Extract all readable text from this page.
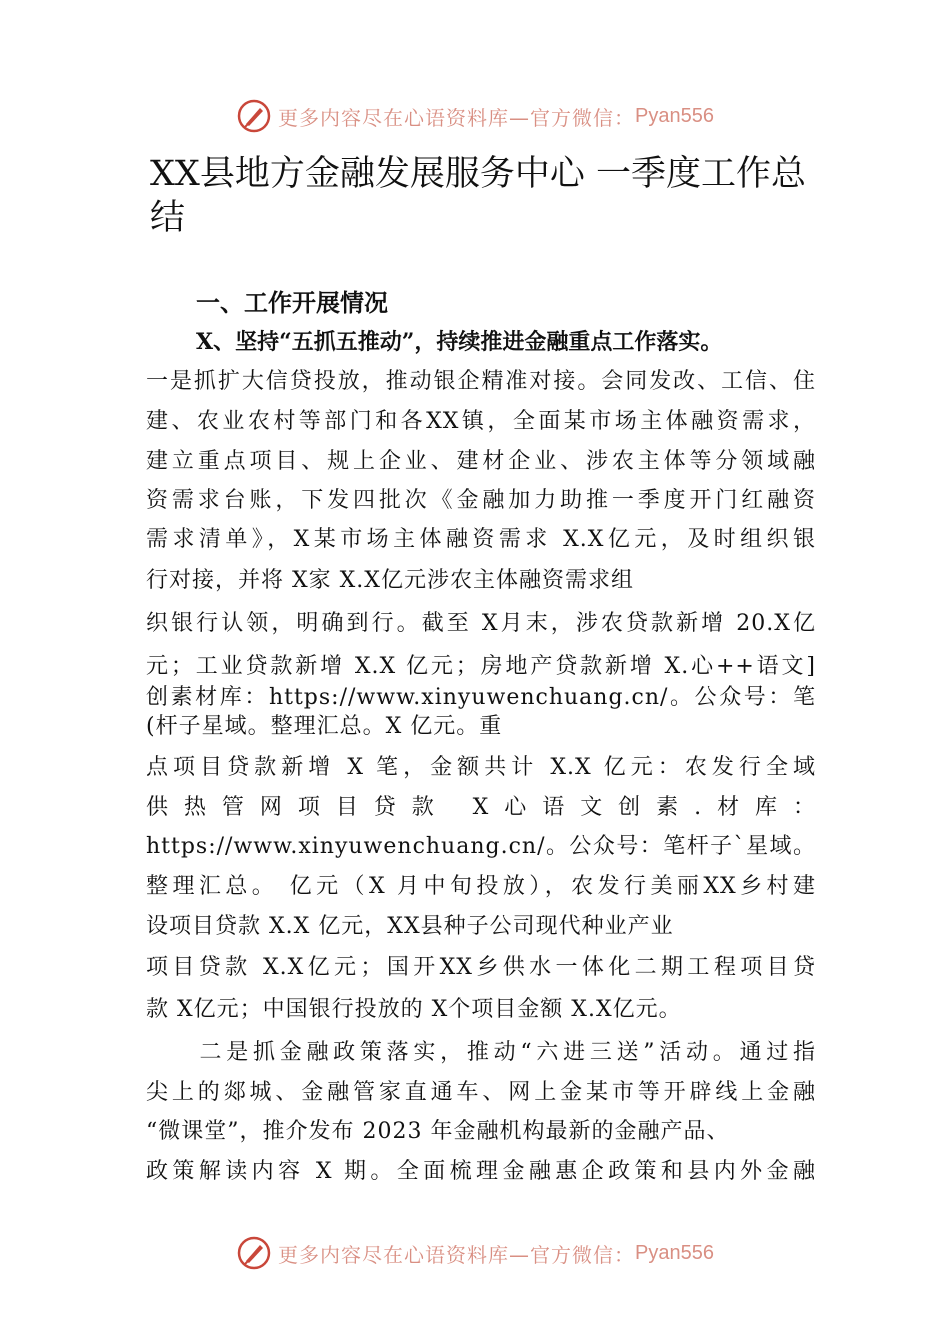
更多内容尽在心语资料库—官方微信： Pyan556
XX县地方金融发展服务中心 一季度工作总结
一、工作开展情况
X、坚持“五抓五推动”，持续推进金融重点工作落实。
一是抓扩大信贷投放，推动银企精准对接。会同发改、工信、住
建、农业农村等部门和各XX镇，全面某市场主体融资需求，
建立重点项目、规上企业、建材企业、涉农主体等分领域融
资需求台账，下发四批次《金融加力助推一季度开门红融资
需求清单》，X某市场主体融资需求 X.X亿元，及时组织银
行对接，并将 X家 X.X亿元涉农主体融资需求组
织银行认领，明确到行。截至 X月末，涉农贷款新增 20.X亿
元；工业贷款新增 X.X 亿元；房地产贷款新增 X.心++语文]
创素材库：https://www.xinyuwenchuang.cn/。公众号：笔
(杆子星域。整理汇总。X 亿元。重
点项目贷款新增 X 笔，金额共计 X.X 亿元：农发行全域
供热管网项目贷款 X心语文创素.材库：
https://www.xinyuwenchuang.cn/。公众号：笔杆子`星域。
整理汇总。 亿元（X 月中旬投放），农发行美丽XX乡村建
设项目贷款 X.X 亿元，XX县种子公司现代种业产业
项目贷款 X.X亿元；国开XX乡供水一体化二期工程项目贷
款 X亿元；中国银行投放的 X个项目金额 X.X亿元。
　　二是抓金融政策落实，推动“六进三送”活动。通过指
尖上的郯城、金融管家直通车、网上金某市等开辟线上金融
“微课堂”，推介发布 2023 年金融机构最新的金融产品、
政策解读内容 X 期。全面梳理金融惠企政策和县内外金融
更多内容尽在心语资料库—官方微信： Pyan556
